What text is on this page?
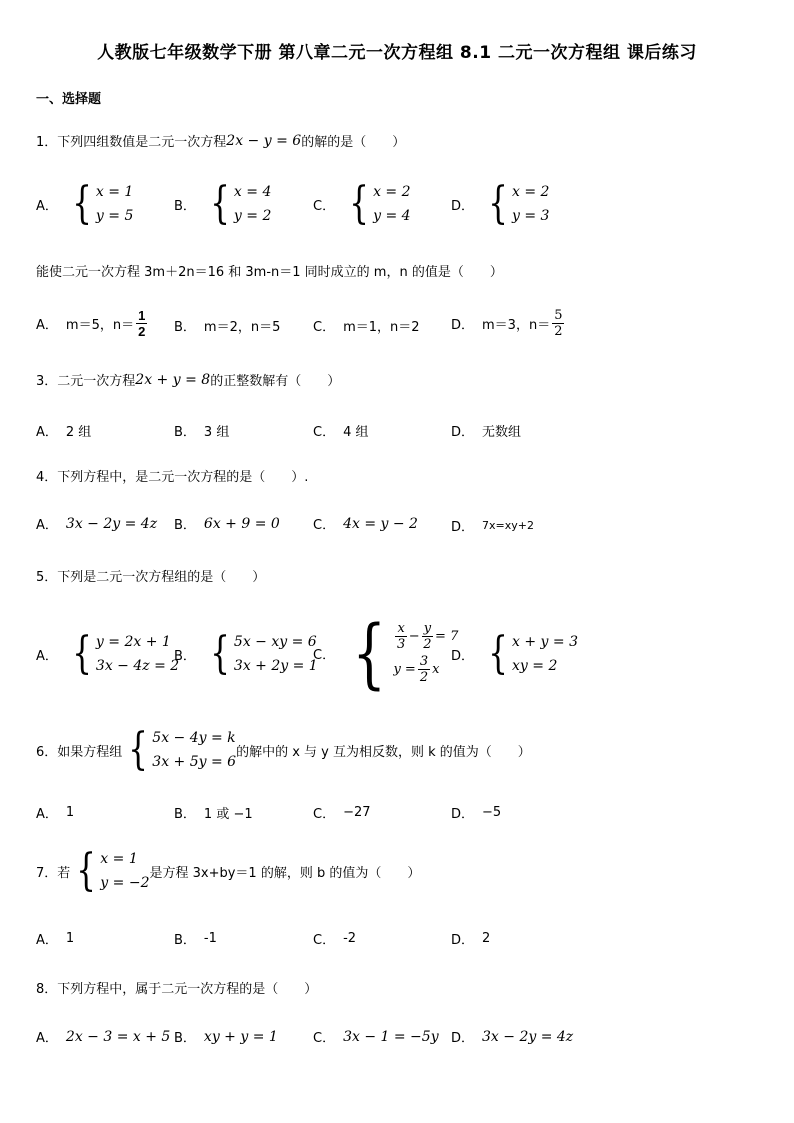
人教版七年级数学下册 第八章二元一次方程组 8.1 二元一次方程组 课后练习
一、选择题
1． 下列四组数值是二元一次方程 2x − y = 6 的解的是（　　）
A． { x = 1
y = 5
B． { x = 4
y = 2
C． { x = 2
y = 4
D． { x = 2
y = 3
能使二元一次方程 3m＋2n＝16 和 3m-n＝1 同时成立的 m，n 的值是（　　）
A． m＝5，$n= \frac{1}{2}$ B． m＝2，n＝5	C． m＝1，n＝2 D． m＝3，$n= \frac{5}{2}$
3． 二元一次方程 2x + y = 8 的正整数解有（　　）
A． 2 组	B． 3 组	C． 4 组	D． 无数组
4． 下列方程中，是二元一次方程的是（　　）.
A． 3x − 2y = 4z B． 6x + 9 = 0	C． 4x = y − 2	D． 7x=xy+2
5． 下列是二元一次方程组的是（　　）
A． { y = 2x + 1
3x − 4z = 2
B． { 5x − xy = 6
3x + 2y = 1
C． { $\frac{x}{3} - \frac{y}{2} = 7$
$y = \frac{3}{2}$ x
D． { x + y = 3
xy = 2
6． 如果方程组 { 5x − 4y = k
3x + 5y = 6
的解中的 x 与 y 互为相反数，则 k 的值为（　　）
A． 1	B． 1 或 −1	C． −27	D． −5
7． 若 { x = 1
y = −2
是方程 3x+by＝1 的解，则 b 的值为（　　）
A． 1	B． -1	C． -2	D． 2
8． 下列方程中，属于二元一次方程的是（　　）
A． 2x − 3 = x + 5 B． xy + y = 1	C． 3x − 1 = −5y D． 3x − 2y = 4z
